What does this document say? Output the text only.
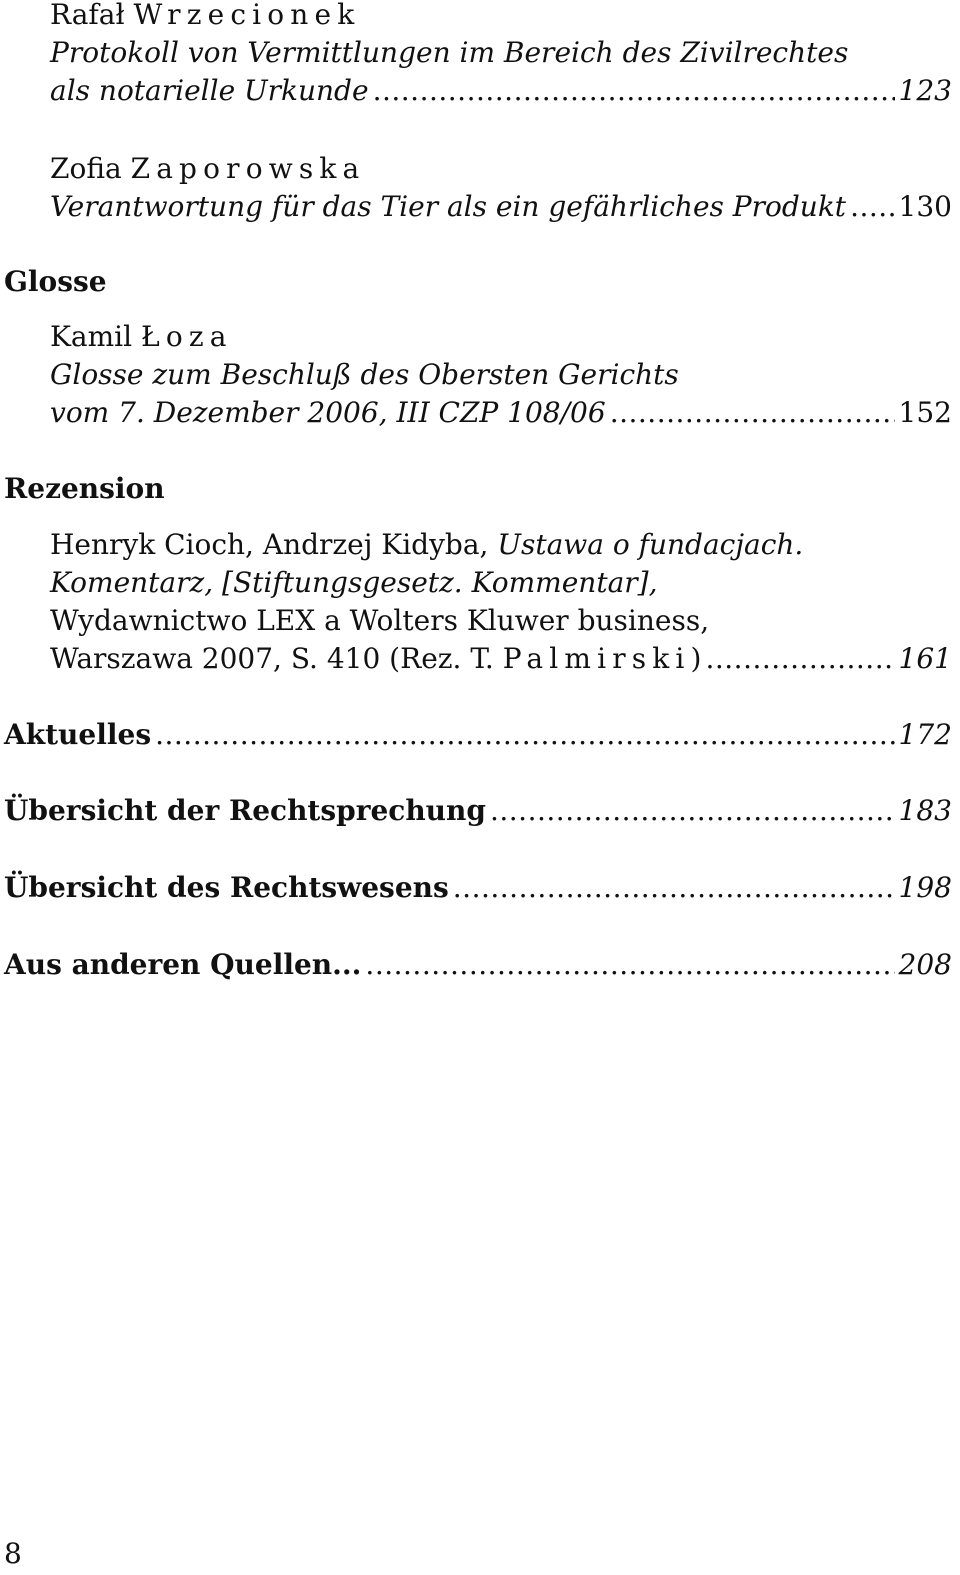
Rafał Wrzecionek
Protokoll von Vermittlungen im Bereich des Zivilrechtes
als notarielle Urkunde .....	123
Zofia Zaporowska
Verantwortung für das Tier als ein gefährliches Produkt ..... 130
Glosse
Kamil Łoza
Glosse zum Beschluß des Obersten Gerichts
vom 7. Dezember 2006, III CZP 108/06 .....	152
Rezension
Henryk Cioch, Andrzej Kidyba, Ustawa o fundacjach.
Komentarz, [Stiftungsgesetz. Kommentar],
Wydawnictwo LEX a Wolters Kluwer business,
Warszawa 2007, S. 410 (Rez. T. Palmirski) .....	161
Aktuelles .....	172
Übersicht der Rechtsprechung .....	183
Übersicht des Rechtswesens .....	198
Aus anderen Quellen... .....	208
8
